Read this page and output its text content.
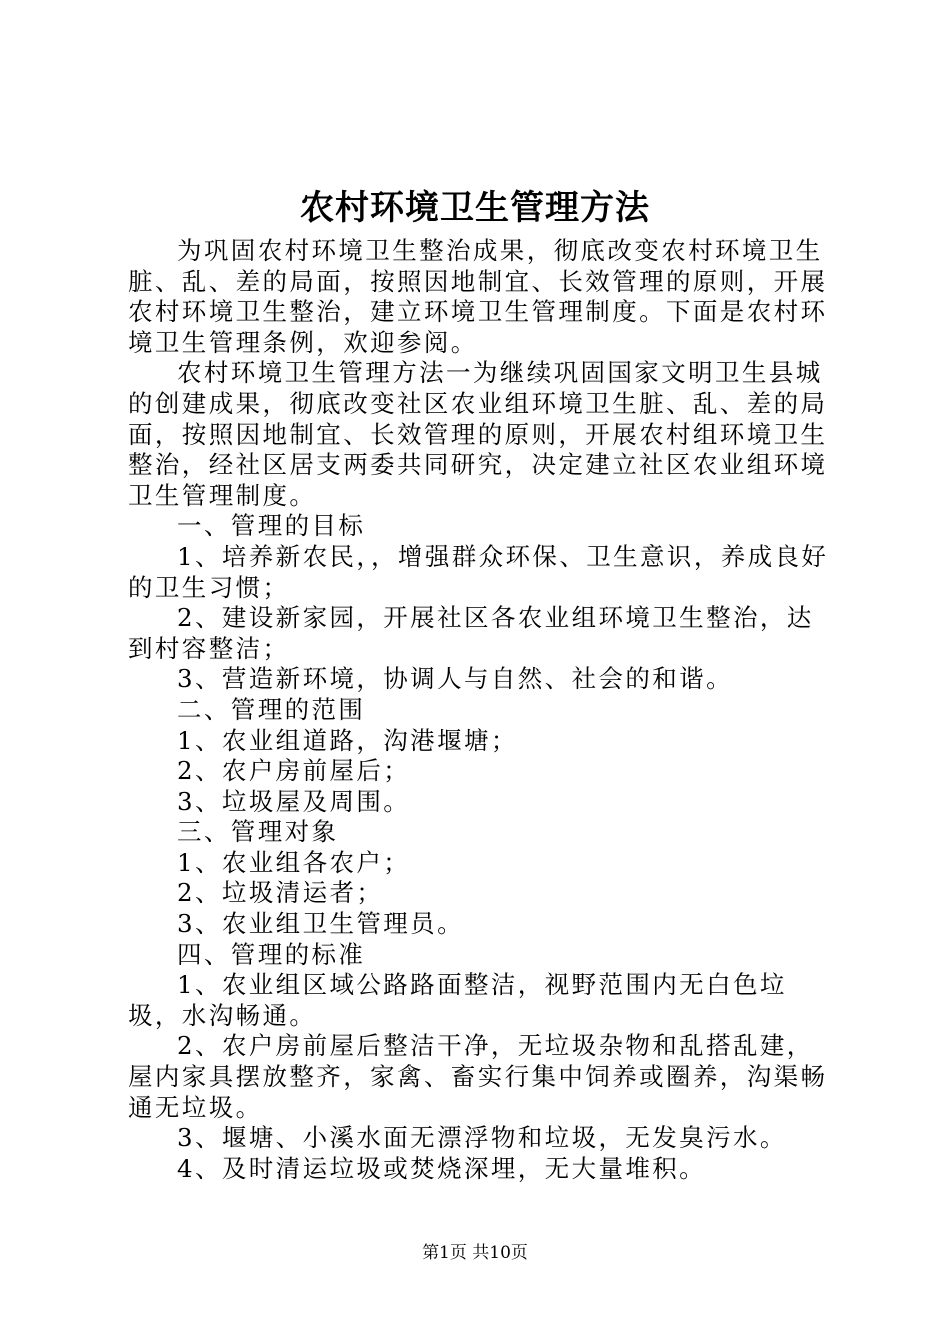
农村环境卫生管理方法

为巩固农村环境卫生整治成果，彻底改变农村环境卫生脏、乱、差的局面，按照因地制宜、长效管理的原则，开展农村环境卫生整治，建立环境卫生管理制度。下面是农村环境卫生管理条例，欢迎参阅。

农村环境卫生管理方法一为继续巩固国家文明卫生县城的创建成果，彻底改变社区农业组环境卫生脏、乱、差的局面，按照因地制宜、长效管理的原则，开展农村组环境卫生整治，经社区居支两委共同研究，决定建立社区农业组环境卫生管理制度。

一、管理的目标

1、培养新农民，，增强群众环保、卫生意识，养成良好的卫生习惯；

2、建设新家园，开展社区各农业组环境卫生整治，达到村容整洁；

3、营造新环境，协调人与自然、社会的和谐。

二、管理的范围

1、农业组道路，沟港堰塘；

2、农户房前屋后；

3、垃圾屋及周围。

三、管理对象

1、农业组各农户；

2、垃圾清运者；

3、农业组卫生管理员。

四、管理的标准

1、农业组区域公路路面整洁，视野范围内无白色垃圾，水沟畅通。

2、农户房前屋后整洁干净，无垃圾杂物和乱搭乱建，屋内家具摆放整齐，家禽、畜实行集中饲养或圈养，沟渠畅通无垃圾。

3、堰塘、小溪水面无漂浮物和垃圾，无发臭污水。

4、及时清运垃圾或焚烧深埋，无大量堆积。

第1页 共10页
